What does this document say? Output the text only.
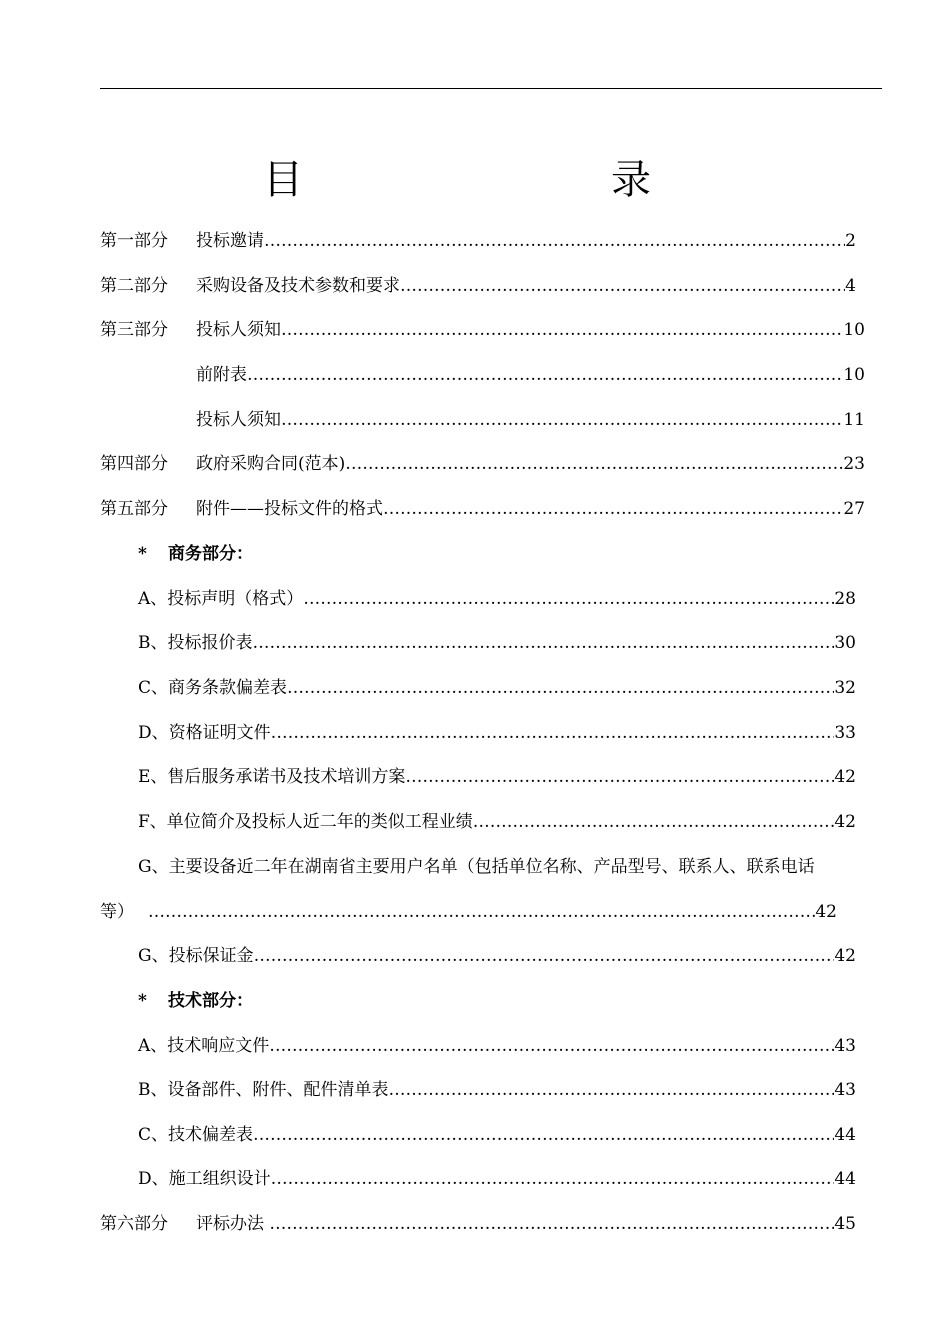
目　　录
第一部分	投标邀请 ……………………………………………………………………………………………………………………………………………………………………………………………………	2
第二部分	采购设备及技术参数和要求 ……………………………………………………………………………………………………………………………………………………………………………………………………	4
第三部分	投标人须知 ……………………………………………………………………………………………………………………………………………………………………………………………………	10
前附表 ……………………………………………………………………………………………………………………………………………………………………………………………………	10
投标人须知 ……………………………………………………………………………………………………………………………………………………………………………………………………	11
第四部分	政府采购合同(范本) ……………………………………………………………………………………………………………………………………………………………………………………………………	23
第五部分	附件——投标文件的格式 ……………………………………………………………………………………………………………………………………………………………………………………………………	27
* 商务部分：
A、投标声明（格式） ……………………………………………………………………………………………………………………………………………………………………………………………………	28
B、投标报价表 ……………………………………………………………………………………………………………………………………………………………………………………………………	30
C、商务条款偏差表 ……………………………………………………………………………………………………………………………………………………………………………………………………	32
D、资格证明文件 ……………………………………………………………………………………………………………………………………………………………………………………………………	33
E、售后服务承诺书及技术培训方案 ……………………………………………………………………………………………………………………………………………………………………………………………………	42
F、单位简介及投标人近二年的类似工程业绩 ……………………………………………………………………………………………………………………………………………………………………………………………………	42
G、主要设备近二年在湖南省主要用户名单（包括单位名称、产品型号、联系人、联系电话
等） ……………………………………………………………………………………………………………………………………………………………………………………………………	42
G、投标保证金 ……………………………………………………………………………………………………………………………………………………………………………………………………	42
* 技术部分：
A、技术响应文件 ……………………………………………………………………………………………………………………………………………………………………………………………………	43
B、设备部件、附件、配件清单表 ……………………………………………………………………………………………………………………………………………………………………………………………………	43
C、技术偏差表 ……………………………………………………………………………………………………………………………………………………………………………………………………	44
D、施工组织设计 ……………………………………………………………………………………………………………………………………………………………………………………………………	44
第六部分	评标办法 ……………………………………………………………………………………………………………………………………………………………………………………………………	45
